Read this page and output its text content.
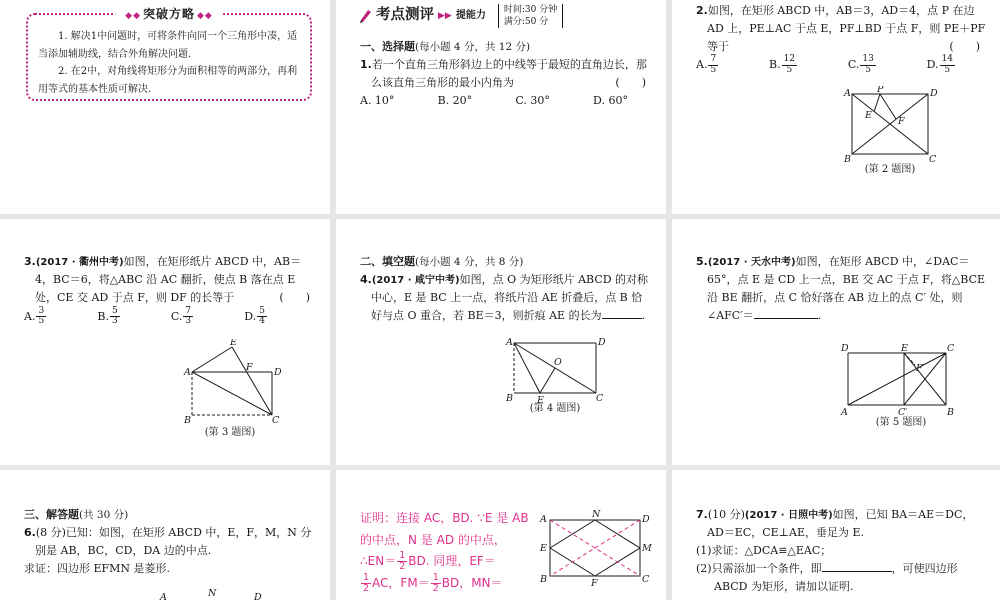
◆◆ 突破方略 ◆◆

1. 解决1中问题时，可将条件向同一个三角形中凑，适当添加辅助线，结合外角解决问题.

2. 在2中，对角线将矩形分为面积相等的两部分，再利用等式的基本性质可解决.

考点测评 ▶▶ 提能力
时间:30 分钟
满分:50 分

一、选择题(每小题 4 分，共 12 分)

1.若一个直角三角形斜边上的中线等于最短的直角边长，那么该直角三角形的最小内角为	(　　)

A. 10°	B. 20°	C. 30°	D. 60°

2.如图，在矩形 ABCD 中，AB＝3，AD＝4，点 P 在边 AD 上，PE⊥AC 于点 E，PF⊥BD 于点 F，则 PE＋PF 等于	(　　)

A. $\frac{7}{5}$	B. $\frac{12}{5}$	C. $\frac{13}{5}$	D. $\frac{14}{5}$
A	P	D
E
F
B	C
(第 2 题图)

3.(2017 · 衢州中考)如图，在矩形纸片 ABCD 中，AB＝4，BC＝6，将△ABC 沿 AC 翻折，使点 B 落在点 E 处，CE 交 AD 于点 F，则 DF 的长等于	(　　)

A. $\frac{3}{5}$	B. $\frac{5}{3}$	C. $\frac{7}{3}$	D. $\frac{5}{4}$
E
A	F D
B	C
(第 3 题图)

二、填空题(每小题 4 分，共 8 分)

4.(2017 · 咸宁中考)如图，点 O 为矩形纸片 ABCD 的对称中心，E 是 BC 上一点，将纸片沿 AE 折叠后，点 B 恰好与点 O 重合，若 BE＝3，则折痕 AE 的长为	.

A	D
O
B	E	C
(第 4 题图)

5.(2017 · 天水中考)如图，在矩形 ABCD 中，∠DAC＝65°，点 E 是 CD 上一点，BE 交 AC 于点 F，将△BCE 沿 BE 翻折，点 C 恰好落在 AB 边上的点 C′ 处，则∠AFC′＝	.

D	E	C
F
A	C′	B
(第 5 题图)

三、解答题(共 30 分)

6.(8 分)已知：如图，在矩形 ABCD 中，E，F，M，N 分别是 AB，BC，CD，DA 边的中点.

求证：四边形 EFMN 是菱形.

A	N	D
证明：连接 AC，BD. ∵E 是 AB 的中点，N 是 AD 的中点，
∴EN＝ $\frac{1}{2}$ BD. 同理，EF＝

$\frac{1}{2}$ AC，$FM= \frac{1}{2}$ BD，MN＝
A	N	D
E	M
B	F	C

7.(10 分)(2017 · 日照中考)如图，已知 BA＝AE＝DC，AD＝EC，CE⊥AE，垂足为 E.

(1)求证：△DCA≌△EAC；

(2)只需添加一个条件，即	，可使四边形 ABCD 为矩形，请加以证明.
